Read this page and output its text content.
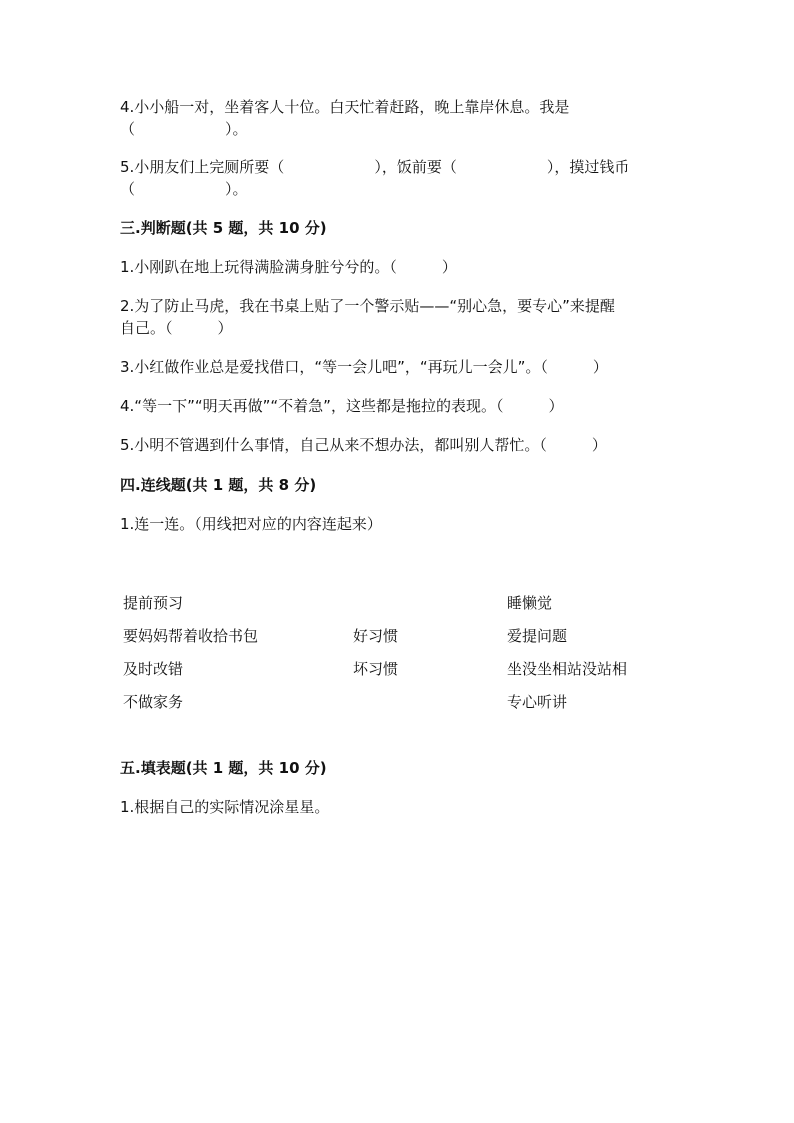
4.小小船一对，坐着客人十位。白天忙着赶路，晚上靠岸休息。我是
（　　　　　　）。
5.小朋友们上完厕所要（　　　　　　），饭前要（　　　　　　），摸过钱币
（　　　　　　）。
三.判断题(共 5 题，共 10 分)
1.小刚趴在地上玩得满脸满身脏兮兮的。（　　　）
2.为了防止马虎，我在书桌上贴了一个警示贴——“别心急，要专心”来提醒
自己。（　　　）
3.小红做作业总是爱找借口，“等一会儿吧”，“再玩儿一会儿”。（　　　）
4.“等一下”“明天再做”“不着急”，这些都是拖拉的表现。（　　　）
5.小明不管遇到什么事情，自己从来不想办法，都叫别人帮忙。（　　　）
四.连线题(共 1 题，共 8 分)
1.连一连。（用线把对应的内容连起来）
提前预习
要妈妈帮着收拾书包
及时改错
不做家务
好习惯
坏习惯
睡懒觉
爱提问题
坐没坐相站没站相
专心听讲
五.填表题(共 1 题，共 10 分)
1.根据自己的实际情况涂星星。
